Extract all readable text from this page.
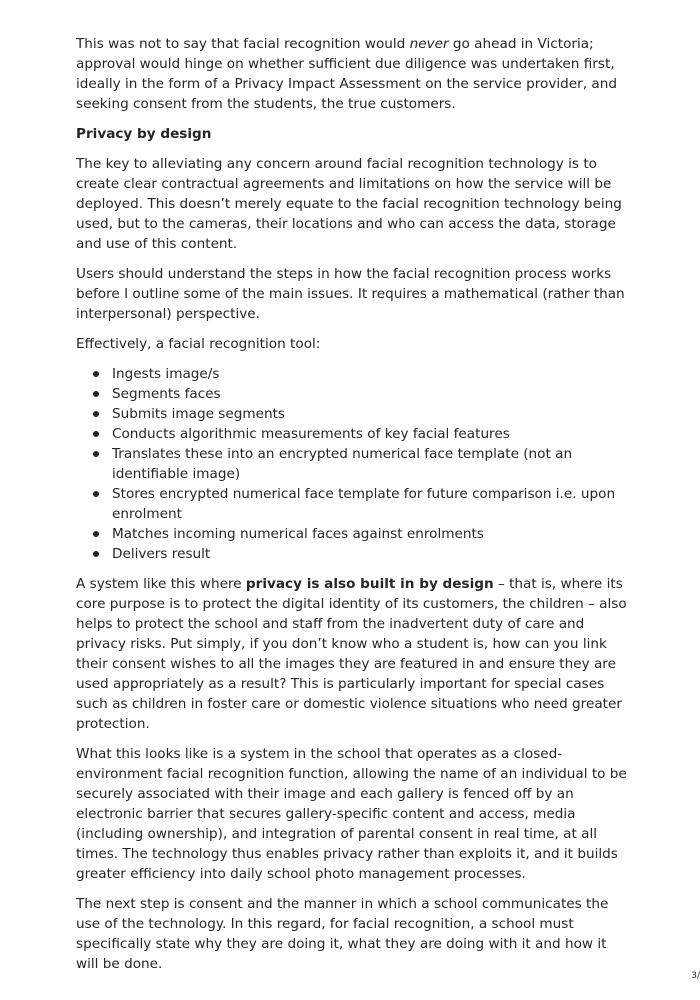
This was not to say that facial recognition would never go ahead in Victoria; approval would hinge on whether sufficient due diligence was undertaken first, ideally in the form of a Privacy Impact Assessment on the service provider, and seeking consent from the students, the true customers.

Privacy by design

The key to alleviating any concern around facial recognition technology is to create clear contractual agreements and limitations on how the service will be deployed. This doesn’t merely equate to the facial recognition technology being used, but to the cameras, their locations and who can access the data, storage and use of this content.

Users should understand the steps in how the facial recognition process works before I outline some of the main issues. It requires a mathematical (rather than interpersonal) perspective.

Effectively, a facial recognition tool:

Ingests image/s
Segments faces
Submits image segments
Conducts algorithmic measurements of key facial features
Translates these into an encrypted numerical face template (not an identifiable image)
Stores encrypted numerical face template for future comparison i.e. upon enrolment
Matches incoming numerical faces against enrolments
Delivers result

A system like this where privacy is also built in by design – that is, where its core purpose is to protect the digital identity of its customers, the children – also helps to protect the school and staff from the inadvertent duty of care and privacy risks. Put simply, if you don’t know who a student is, how can you link their consent wishes to all the images they are featured in and ensure they are used appropriately as a result? This is particularly important for special cases such as children in foster care or domestic violence situations who need greater protection.

What this looks like is a system in the school that operates as a closed-environment facial recognition function, allowing the name of an individual to be securely associated with their image and each gallery is fenced off by an electronic barrier that secures gallery-specific content and access, media (including ownership), and integration of parental consent in real time, at all times. The technology thus enables privacy rather than exploits it, and it builds greater efficiency into daily school photo management processes.

The next step is consent and the manner in which a school communicates the use of the technology. In this regard, for facial recognition, a school must specifically state why they are doing it, what they are doing with it and how it will be done.

3/
